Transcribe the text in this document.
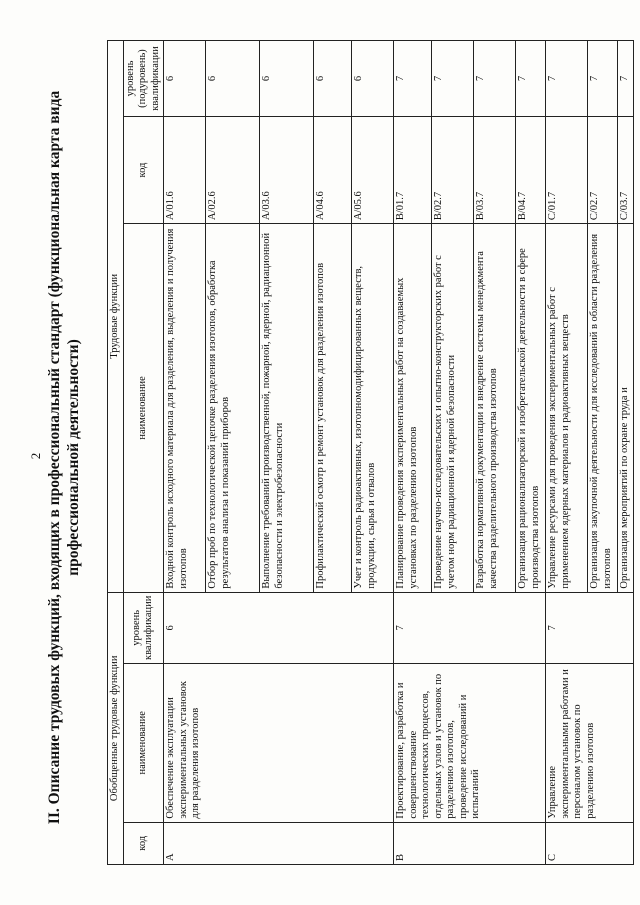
2 II. Описание трудовых функций, входящих в профессиональный стандарт (функциональная карта вида профессиональной деятельности)
Обобщенные трудовые функции			Трудовые функции		
код	наименование	уровень квалификации	наименование	код	уровень (подуровень) квалификации
А	Обеспечение эксплуатации экспериментальных установок для разделения изотопов	6	Входной контроль исходного материала для разделения, выделения и получения изотопов	А/01.6	6
			Отбор проб по технологической цепочке разделения изотопов, обработка результатов анализа и показаний приборов	А/02.6	6
			Выполнение требований производственной, пожарной, ядерной, радиационной безопасности и электробезопасности	А/03.6	6
			Профилактический осмотр и ремонт установок для разделения изотопов	А/04.6	6
			Учет и контроль радиоактивных, изотопномодифицированных веществ, продукции, сырья и отвалов	А/05.6	6
В	Проектирование, разработка и совершенствование технологических процессов, отдельных узлов и установок по разделению изотопов, проведение исследований и испытаний	7	Планирование проведения экспериментальных работ на создаваемых установках по разделению изотопов	В/01.7	7
			Проведение научно-исследовательских и опытно-конструкторских работ с учетом норм радиационной и ядерной безопасности	В/02.7	7
			Разработка нормативной документации и внедрение системы менеджмента качества разделительного производства изотопов	В/03.7	7
			Организация рационализаторской и изобретательской деятельности в сфере производства изотопов	В/04.7	7
С	Управление экспериментальными работами и персоналом установок по разделению изотопов	7	Управление ресурсами для проведения экспериментальных работ с применением ядерных материалов и радиоактивных веществ	С/01.7	7
			Организация закупочной деятельности для исследований в области разделения изотопов	С/02.7	7
			Организация мероприятий по охране труда и	С/03.7	7
